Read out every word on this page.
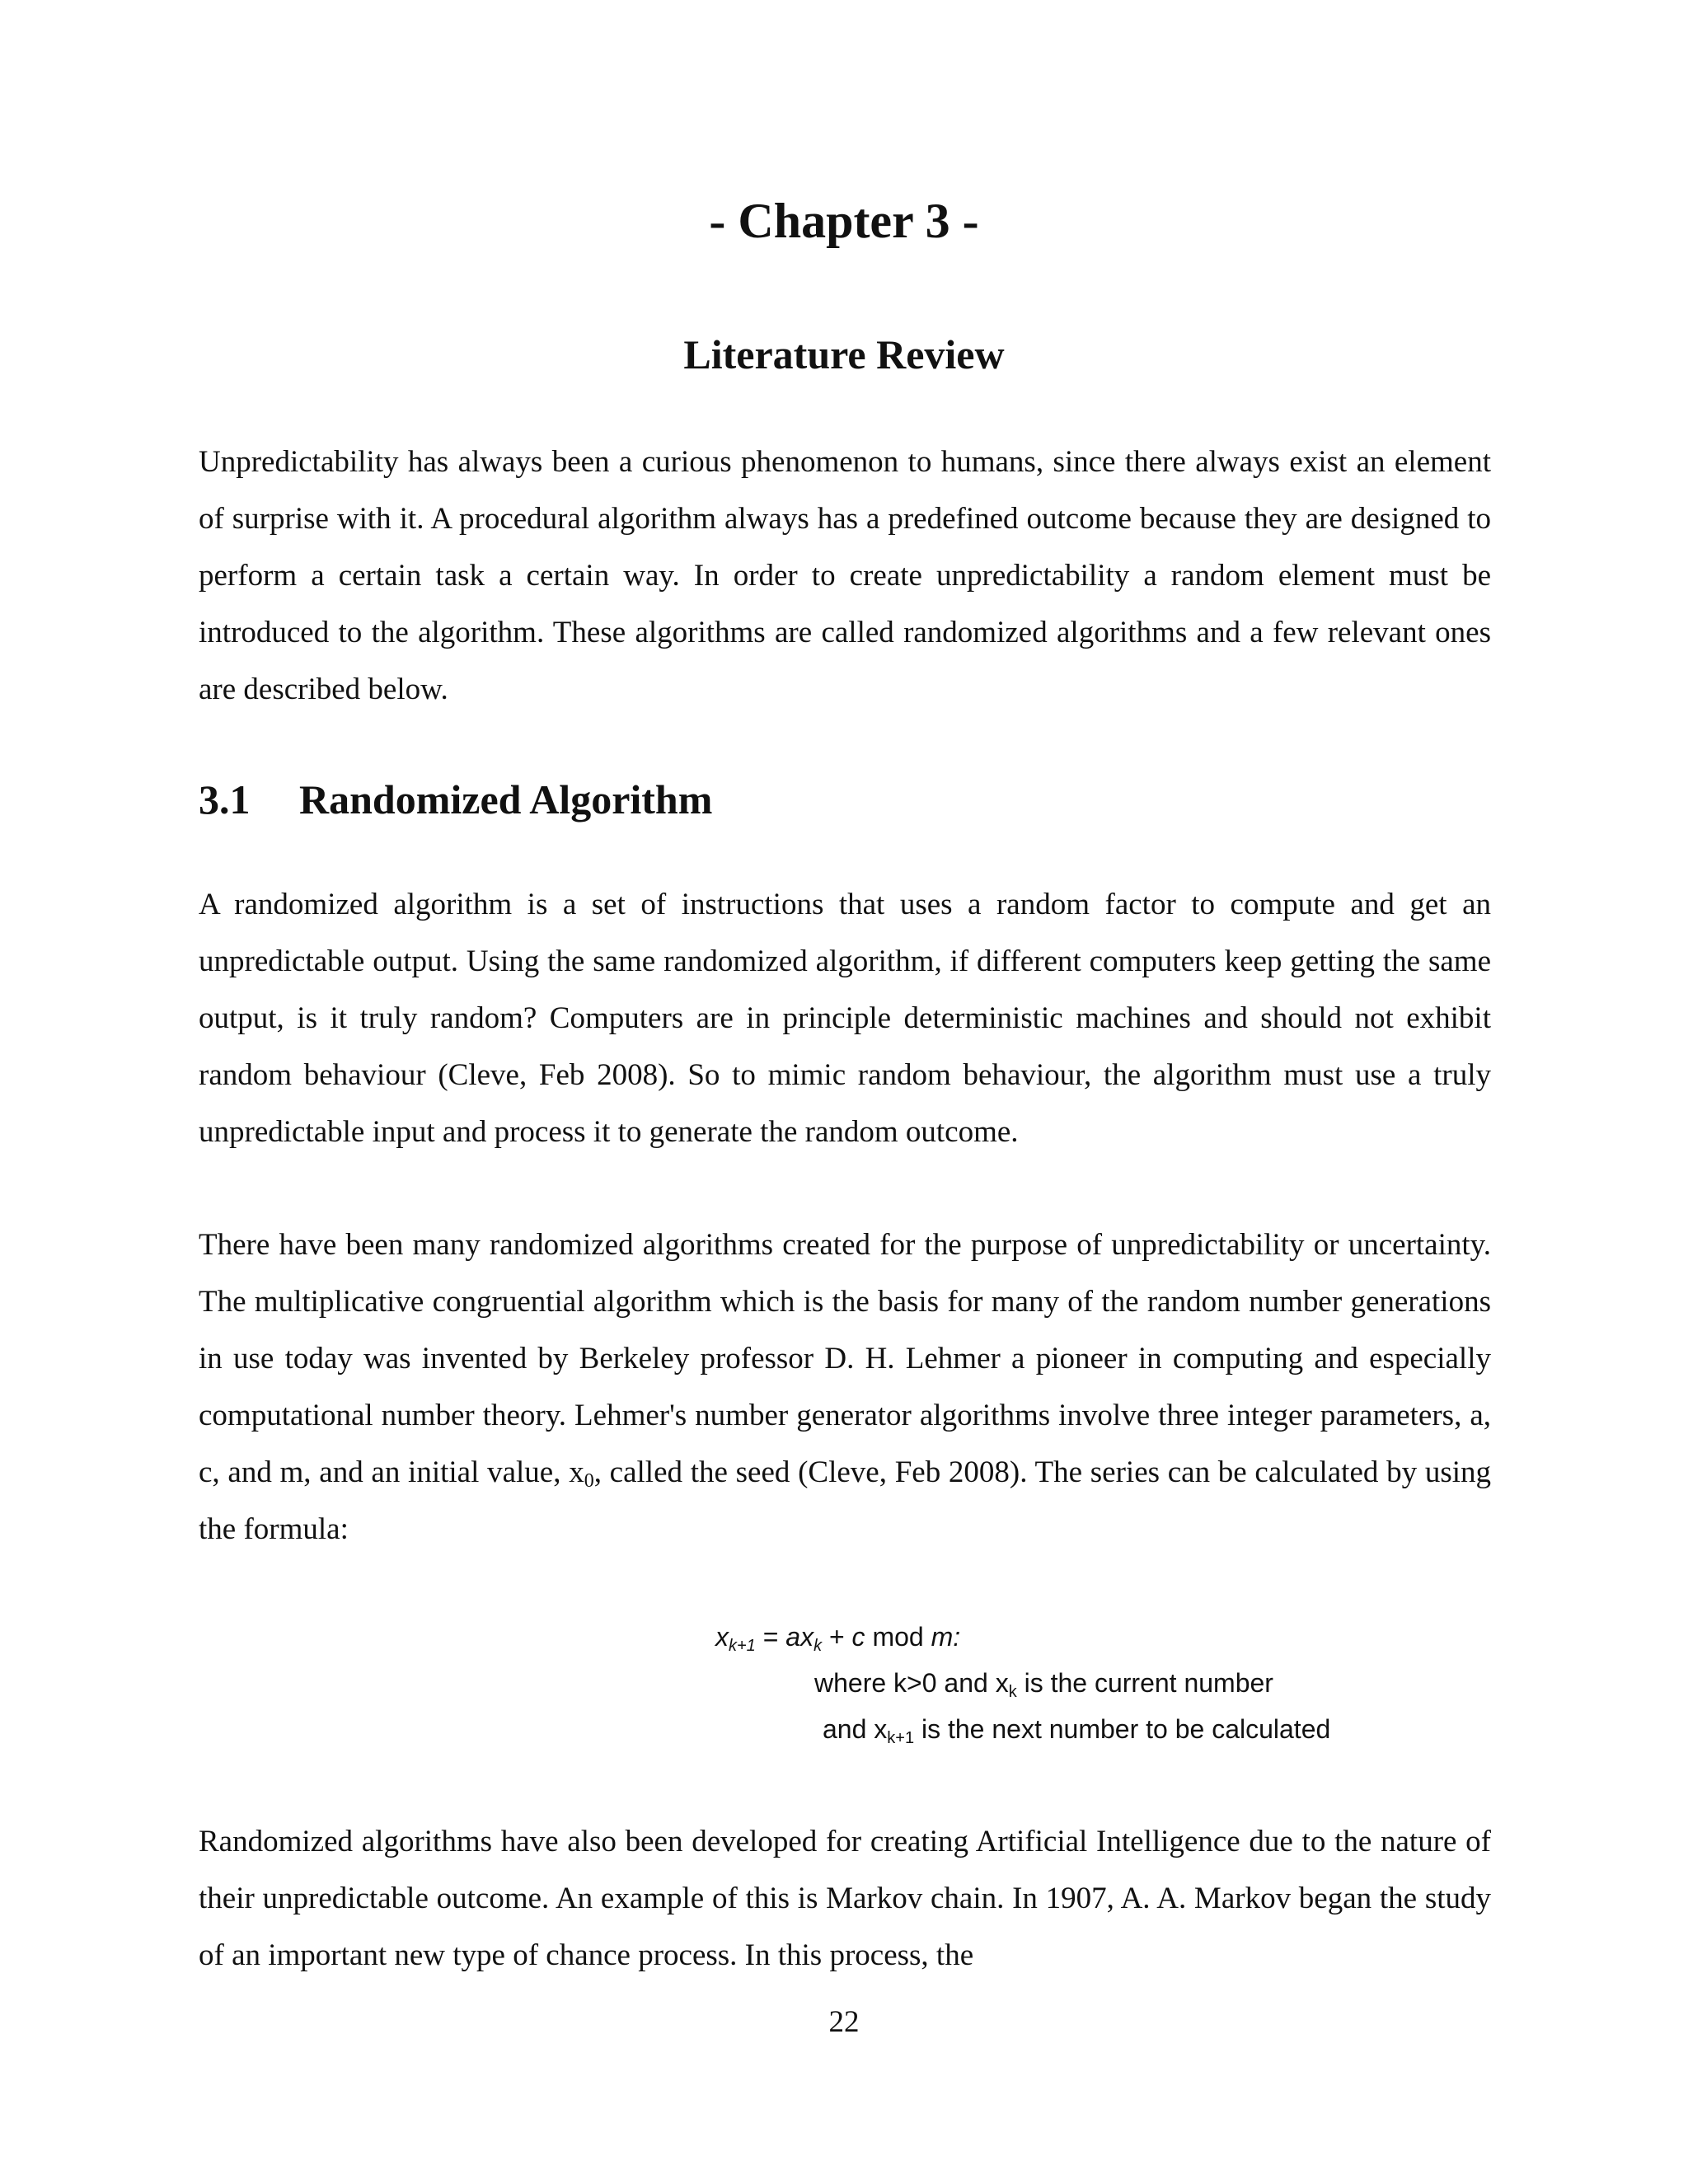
- Chapter 3 -
Literature Review

Unpredictability has always been a curious phenomenon to humans, since there always exist an element of surprise with it. A procedural algorithm always has a predefined outcome because they are designed to perform a certain task a certain way. In order to create unpredictability a random element must be introduced to the algorithm. These algorithms are called randomized algorithms and a few relevant ones are described below.

3.1 Randomized Algorithm

A randomized algorithm is a set of instructions that uses a random factor to compute and get an unpredictable output. Using the same randomized algorithm, if different computers keep getting the same output, is it truly random? Computers are in principle deterministic machines and should not exhibit random behaviour (Cleve, Feb 2008). So to mimic random behaviour, the algorithm must use a truly unpredictable input and process it to generate the random outcome.

There have been many randomized algorithms created for the purpose of unpredictability or uncertainty. The multiplicative congruential algorithm which is the basis for many of the random number generations in use today was invented by Berkeley professor D. H. Lehmer a pioneer in computing and especially computational number theory. Lehmer's number generator algorithms involve three integer parameters, a, c, and m, and an initial value, $x_0$, called the seed (Cleve, Feb 2008). The series can be calculated by using the formula:

$x_{k+1} = ax_k + c$ mod m:
where k>0 and $x_k$ is the current number
and $x_{k+1}$ is the next number to be calculated

Randomized algorithms have also been developed for creating Artificial Intelligence due to the nature of their unpredictable outcome. An example of this is Markov chain. In 1907, A. A. Markov began the study of an important new type of chance process. In this process, the

22
